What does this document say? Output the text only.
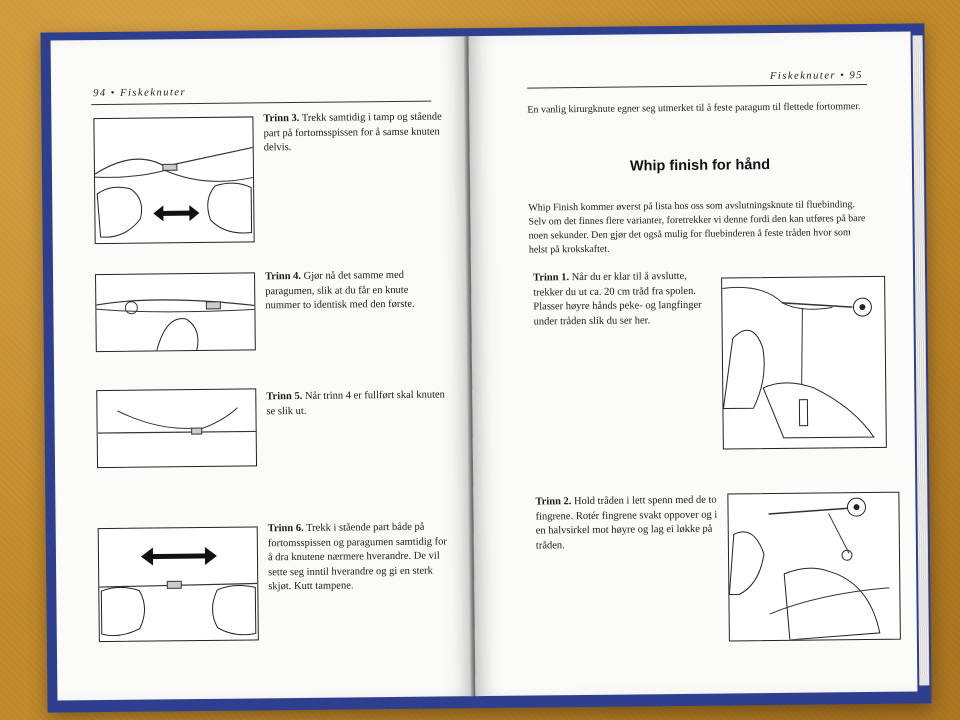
94 • Fiskeknuter
Trinn 3. Trekk samtidig i tamp og stående part på fortomsspissen for å samse knuten delvis.
Trinn 4. Gjør nå det samme med paragumen, slik at du får en knute nummer to identisk med den første.
Trinn 5. Når trinn 4 er fullført skal knuten se slik ut.
Trinn 6. Trekk i stående part både på fortomsspissen og paragumen samtidig for å dra knutene nærmere hverandre. De vil sette seg inntil hverandre og gi en sterk skjøt. Kutt tampene.
Fiskeknuter • 95
En vanlig kirurgknute egner seg utmerket til å feste paragum til flettede fortommer.
Whip finish for hånd
Whip Finish kommer øverst på lista hos oss som avslutningsknute til fluebinding. Selv om det finnes flere varianter, foretrekker vi denne fordi den kan utføres på bare noen sekunder. Den gjør det også mulig for fluebinderen å feste tråden hvor som helst på krokskaftet.
Trinn 1. Når du er klar til å avslutte, trekker du ut ca. 20 cm tråd fra spolen. Plasser høyre hånds peke- og langfinger under tråden slik du ser her.
Trinn 2. Hold tråden i lett spenn med de to fingrene. Rotér fingrene svakt oppover og i en halvsirkel mot høyre og lag ei løkke på tråden.
